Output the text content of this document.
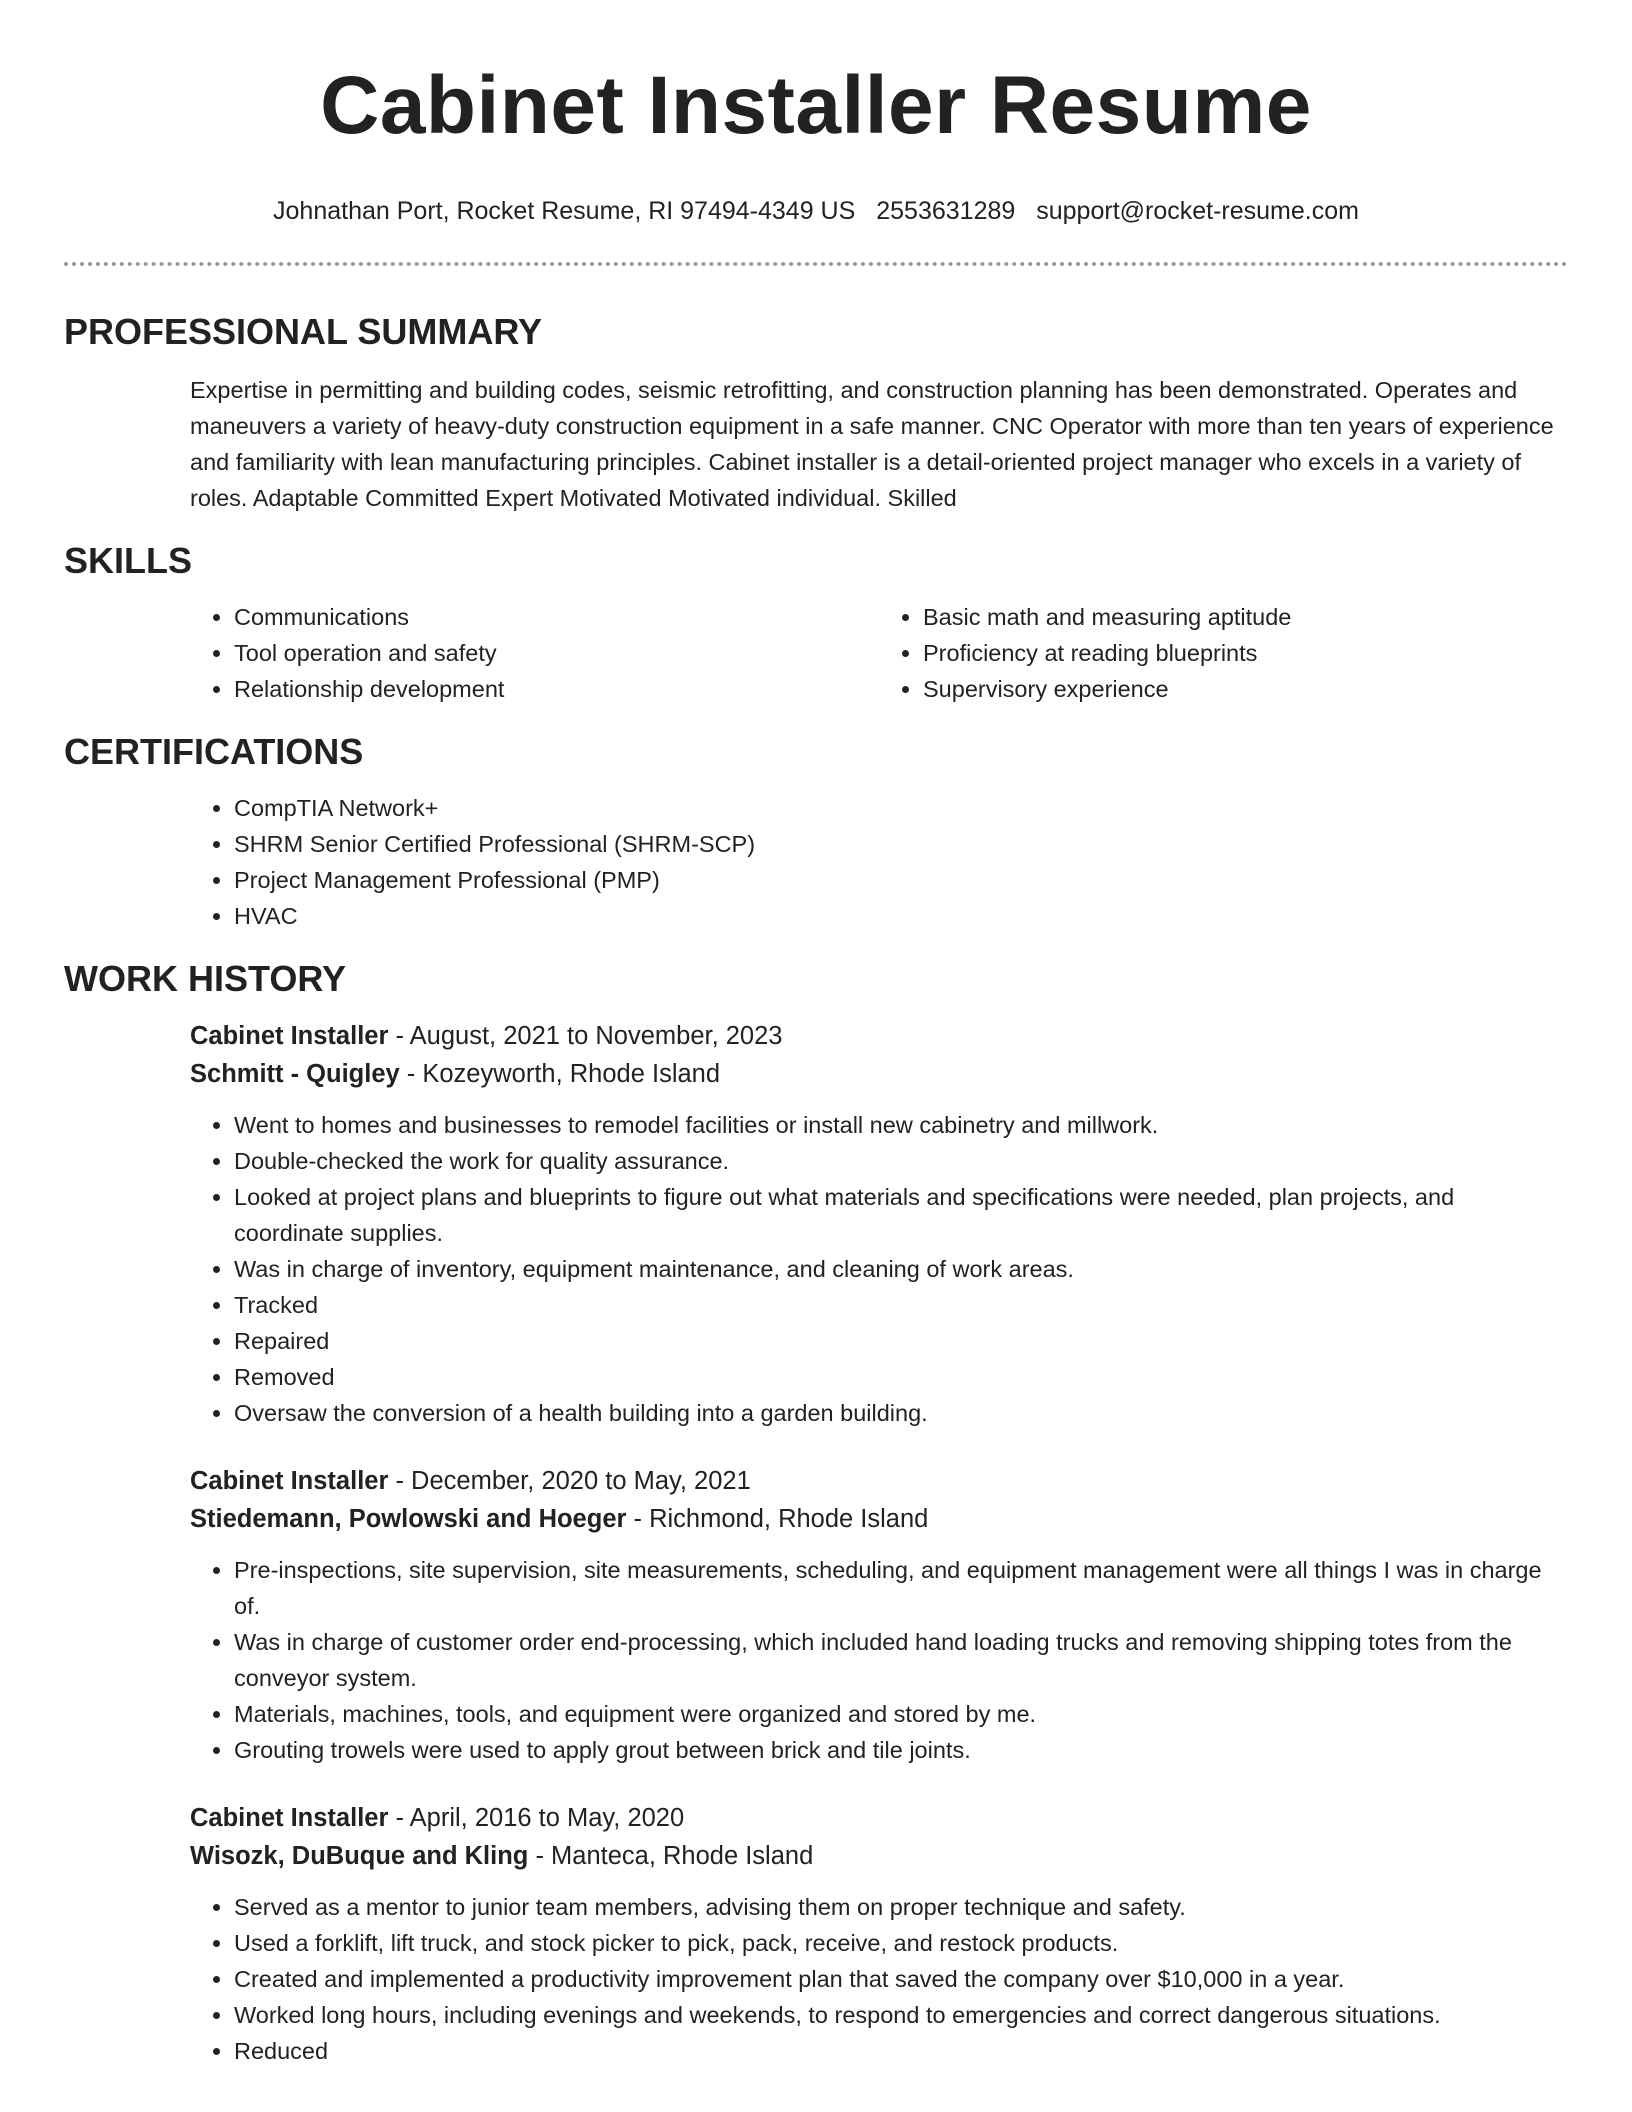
Cabinet Installer Resume
Johnathan Port, Rocket Resume, RI 97494-4349 US 2553631289 support@rocket-resume.com
PROFESSIONAL SUMMARY
Expertise in permitting and building codes, seismic retrofitting, and construction planning has been demonstrated. Operates and maneuvers a variety of heavy-duty construction equipment in a safe manner. CNC Operator with more than ten years of experience and familiarity with lean manufacturing principles. Cabinet installer is a detail-oriented project manager who excels in a variety of roles. Adaptable Committed Expert Motivated Motivated individual. Skilled
SKILLS
• Communications
• Tool operation and safety
• Relationship development
• Basic math and measuring aptitude
• Proficiency at reading blueprints
• Supervisory experience
CERTIFICATIONS
• CompTIA Network+
• SHRM Senior Certified Professional (SHRM-SCP)
• Project Management Professional (PMP)
• HVAC
WORK HISTORY
Cabinet Installer - August, 2021 to November, 2023
Schmitt - Quigley - Kozeyworth, Rhode Island
• Went to homes and businesses to remodel facilities or install new cabinetry and millwork.
• Double-checked the work for quality assurance.
• Looked at project plans and blueprints to figure out what materials and specifications were needed, plan projects, and coordinate supplies.
• Was in charge of inventory, equipment maintenance, and cleaning of work areas.
• Tracked
• Repaired
• Removed
• Oversaw the conversion of a health building into a garden building.
Cabinet Installer - December, 2020 to May, 2021
Stiedemann, Powlowski and Hoeger - Richmond, Rhode Island
• Pre-inspections, site supervision, site measurements, scheduling, and equipment management were all things I was in charge of.
• Was in charge of customer order end-processing, which included hand loading trucks and removing shipping totes from the conveyor system.
• Materials, machines, tools, and equipment were organized and stored by me.
• Grouting trowels were used to apply grout between brick and tile joints.
Cabinet Installer - April, 2016 to May, 2020
Wisozk, DuBuque and Kling - Manteca, Rhode Island
• Served as a mentor to junior team members, advising them on proper technique and safety.
• Used a forklift, lift truck, and stock picker to pick, pack, receive, and restock products.
• Created and implemented a productivity improvement plan that saved the company over $10,000 in a year.
• Worked long hours, including evenings and weekends, to respond to emergencies and correct dangerous situations.
• Reduced
